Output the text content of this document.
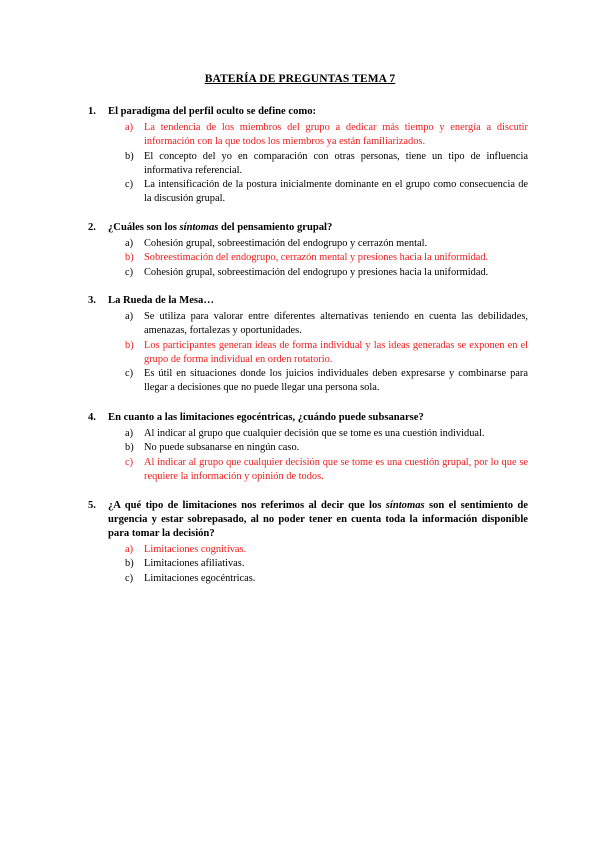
BATERÍA DE PREGUNTAS TEMA 7
1.	El paradigma del perfil oculto se define como:
a)	La tendencia de los miembros del grupo a dedicar más tiempo y energía a discutir información con la que todos los miembros ya están familiarizados.
b) El concepto del yo en comparación con otras personas, tiene un tipo de influencia informativa referencial.
c)	La intensificación de la postura inicialmente dominante en el grupo como consecuencia de la discusión grupal.
2.	¿Cuáles son los síntomas del pensamiento grupal?
a)	Cohesión grupal, sobreestimación del endogrupo y cerrazón mental.
b) Sobreestimación del endogrupo, cerrazón mental y presiones hacia la uniformidad.
c)	Cohesión grupal, sobreestimación del endogrupo y presiones hacia la uniformidad.
3.	La Rueda de la Mesa…
a)	Se utiliza para valorar entre diferentes alternativas teniendo en cuenta las debilidades, amenazas, fortalezas y oportunidades.
b) Los participantes generan ideas de forma individual y las ideas generadas se exponen en el grupo de forma individual en orden rotatorio.
c)	Es útil en situaciones donde los juicios individuales deben expresarse y combinarse para llegar a decisiones que no puede llegar una persona sola.
4.	En cuanto a las limitaciones egocéntricas, ¿cuándo puede subsanarse?
a)	Al indicar al grupo que cualquier decisión que se tome es una cuestión individual.
b) No puede subsanarse en ningún caso.
c)	Al indicar al grupo que cualquier decisión que se tome es una cuestión grupal, por lo que se requiere la información y opinión de todos.
5.	¿A qué tipo de limitaciones nos referimos al decir que los síntomas son el sentimiento de urgencia y estar sobrepasado, al no poder tener en cuenta toda la información disponible para tomar la decisión?
a)	Limitaciones cognitivas.
b) Limitaciones afiliativas.
c)	Limitaciones egocéntricas.
